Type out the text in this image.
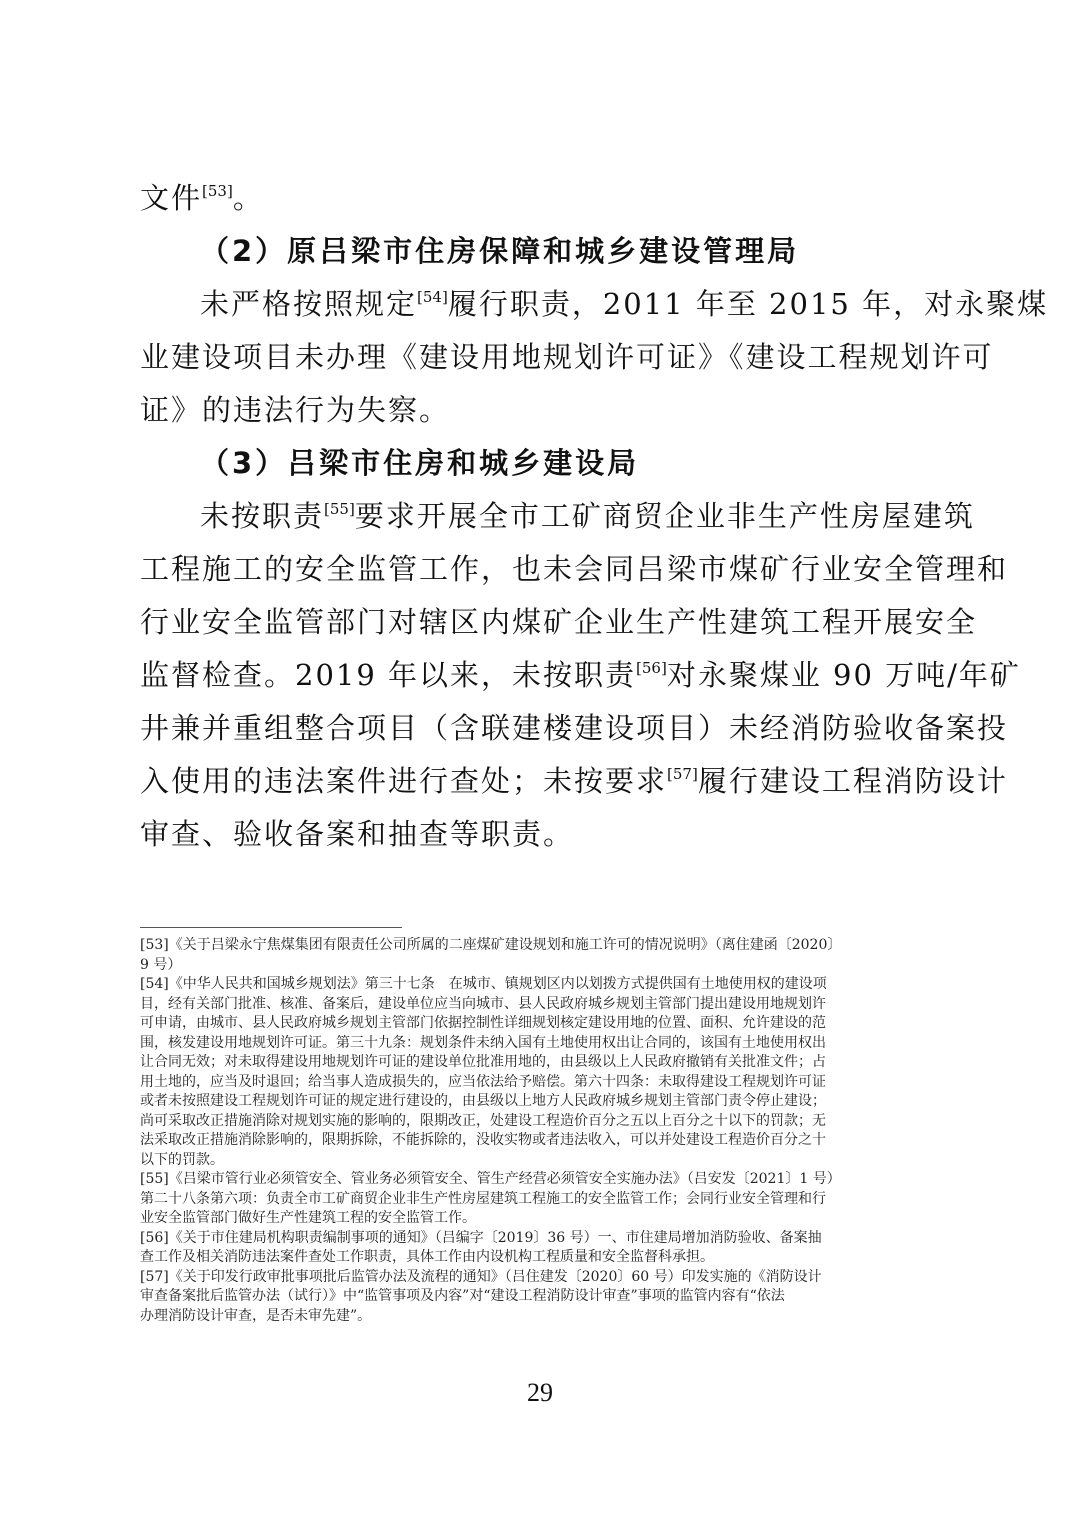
文件[53]。
（2）原吕梁市住房保障和城乡建设管理局
未严格按照规定[54]履行职责，2011 年至 2015 年，对永聚煤
业建设项目未办理《建设用地规划许可证》《建设工程规划许可
证》的违法行为失察。
（3）吕梁市住房和城乡建设局
未按职责[55]要求开展全市工矿商贸企业非生产性房屋建筑
工程施工的安全监管工作，也未会同吕梁市煤矿行业安全管理和
行业安全监管部门对辖区内煤矿企业生产性建筑工程开展安全
监督检查。2019 年以来，未按职责[56]对永聚煤业 90 万吨/年矿
井兼并重组整合项目（含联建楼建设项目）未经消防验收备案投
入使用的违法案件进行查处；未按要求[57]履行建设工程消防设计
审查、验收备案和抽查等职责。
[53]《关于吕梁永宁焦煤集团有限责任公司所属的二座煤矿建设规划和施工许可的情况说明》（离住建函〔2020〕
9 号）
[54]《中华人民共和国城乡规划法》第三十七条　在城市、镇规划区内以划拨方式提供国有土地使用权的建设项
目，经有关部门批准、核准、备案后，建设单位应当向城市、县人民政府城乡规划主管部门提出建设用地规划许
可申请，由城市、县人民政府城乡规划主管部门依据控制性详细规划核定建设用地的位置、面积、允许建设的范
围，核发建设用地规划许可证。第三十九条：规划条件未纳入国有土地使用权出让合同的，该国有土地使用权出
让合同无效；对未取得建设用地规划许可证的建设单位批准用地的，由县级以上人民政府撤销有关批准文件；占
用土地的，应当及时退回；给当事人造成损失的，应当依法给予赔偿。第六十四条：未取得建设工程规划许可证
或者未按照建设工程规划许可证的规定进行建设的，由县级以上地方人民政府城乡规划主管部门责令停止建设；
尚可采取改正措施消除对规划实施的影响的，限期改正，处建设工程造价百分之五以上百分之十以下的罚款；无
法采取改正措施消除影响的，限期拆除，不能拆除的，没收实物或者违法收入，可以并处建设工程造价百分之十
以下的罚款。
[55]《吕梁市管行业必须管安全、管业务必须管安全、管生产经营必须管安全实施办法》（吕安发〔2021〕1 号）
第二十八条第六项：负责全市工矿商贸企业非生产性房屋建筑工程施工的安全监管工作；会同行业安全管理和行
业安全监管部门做好生产性建筑工程的安全监管工作。
[56]《关于市住建局机构职责编制事项的通知》（吕编字〔2019〕36 号）一、市住建局增加消防验收、备案抽
查工作及相关消防违法案件查处工作职责，具体工作由内设机构工程质量和安全监督科承担。
[57]《关于印发行政审批事项批后监管办法及流程的通知》（吕住建发〔2020〕60 号）印发实施的《消防设计
审查备案批后监管办法（试行）》中“监管事项及内容”对“建设工程消防设计审查”事项的监管内容有“依法
办理消防设计审查，是否未审先建”。
29
